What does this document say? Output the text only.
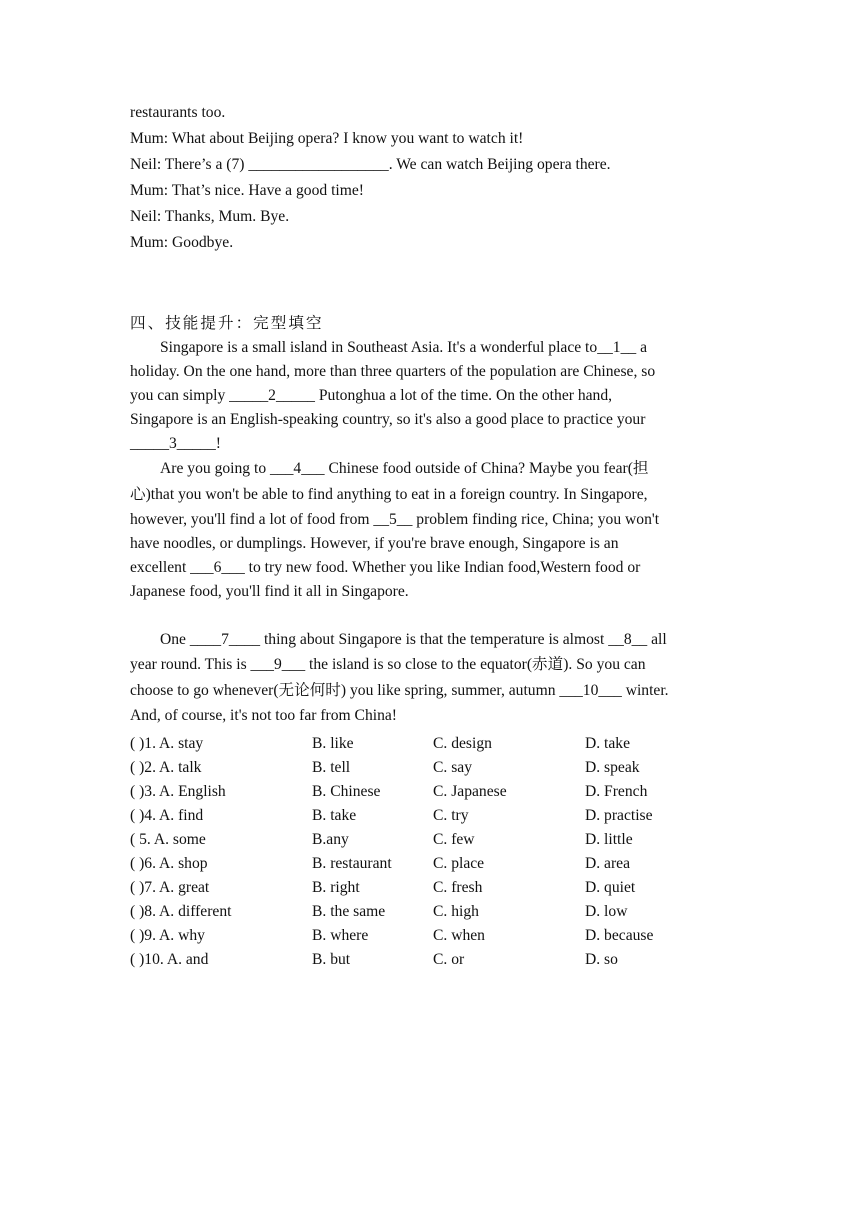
restaurants too.

Mum: What about Beijing opera? I know you want to watch it!

Neil: There’s a (7) __________________. We can watch Beijing opera there.

Mum: That’s nice. Have a good time!

Neil: Thanks, Mum. Bye.

Mum: Goodbye.

四、技能提升：完型填空
Singapore is a small island in Southeast Asia. It's a wonderful place to__1__ a
holiday. On the one hand, more than three quarters of the population are Chinese, so
you can simply _____2_____ Putonghua a lot of the time. On the other hand,
Singapore is an English-speaking country, so it's also a good place to practice your
_____3_____!
Are you going to ___4___ Chinese food outside of China? Maybe you fear(担
心)that you won't be able to find anything to eat in a foreign country. In Singapore,
however, you'll find a lot of food from __5__ problem finding rice, China; you won't
have noodles, or dumplings. However, if you're brave enough, Singapore is an
excellent ___6___ to try new food. Whether you like Indian food,Western food or
Japanese food, you'll find it all in Singapore.
One ____7____ thing about Singapore is that the temperature is almost __8__ all
year round. This is ___9___ the island is so close to the equator(赤道). So you can
choose to go whenever(无论何时) you like spring, summer, autumn ___10___ winter.
And, of course, it's not too far from China!
( )1. A. stay	B. like	C. design	D. take
( )2. A. talk	B. tell	C. say	D. speak
( )3. A. English	B. Chinese	C. Japanese	D. French
( )4. A. find	B. take	C. try	D. practise
( 5. A. some	B.any	C. few	D. little
( )6. A. shop	B. restaurant	C. place	D. area
( )7. A. great	B. right	C. fresh	D. quiet
( )8. A. different	B. the same	C. high	D. low
( )9. A. why	B. where	C. when	D. because
( )10. A. and	B. but	C. or	D. so
